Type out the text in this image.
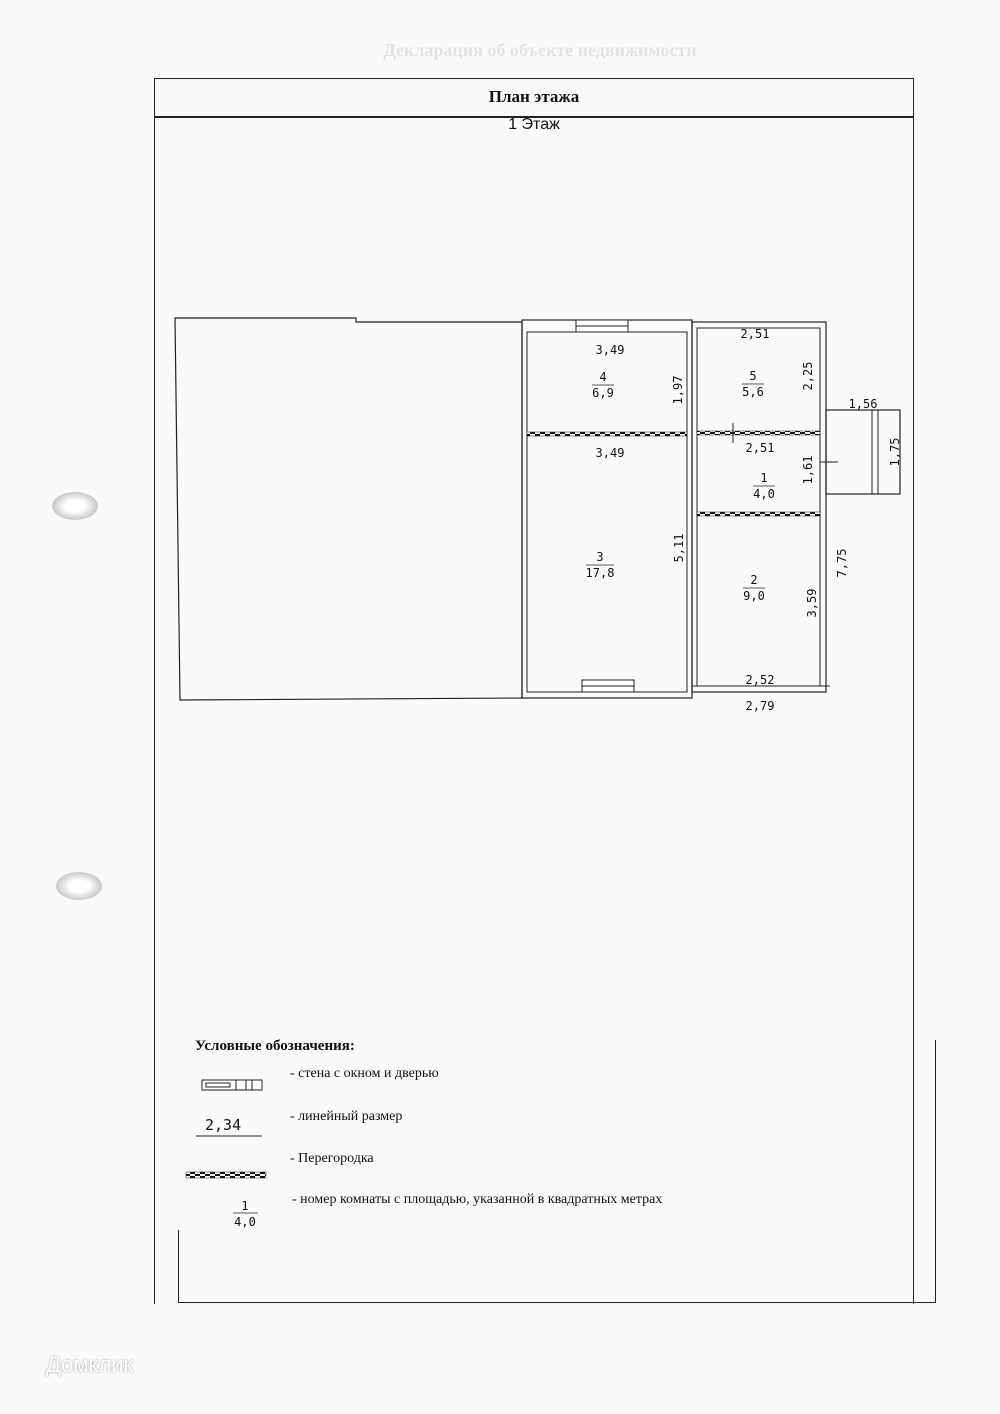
Декларация об объекте недвижимости
План этажа
1 Этаж
4
6,9
3
17,8
5
5,6
1
4,0
2
9,0
3,49
3,49
2,51
2,51
2,52
2,79
1,56
1,97
5,11
2,25
1,61
3,59
7,75
1,75
1
4,0
Условные обозначения:
- стена с окном и дверью
2,34	- линейный размер
- Перегородка
- номер комнаты с площадью, указанной в квадратных метрах
Домклик
